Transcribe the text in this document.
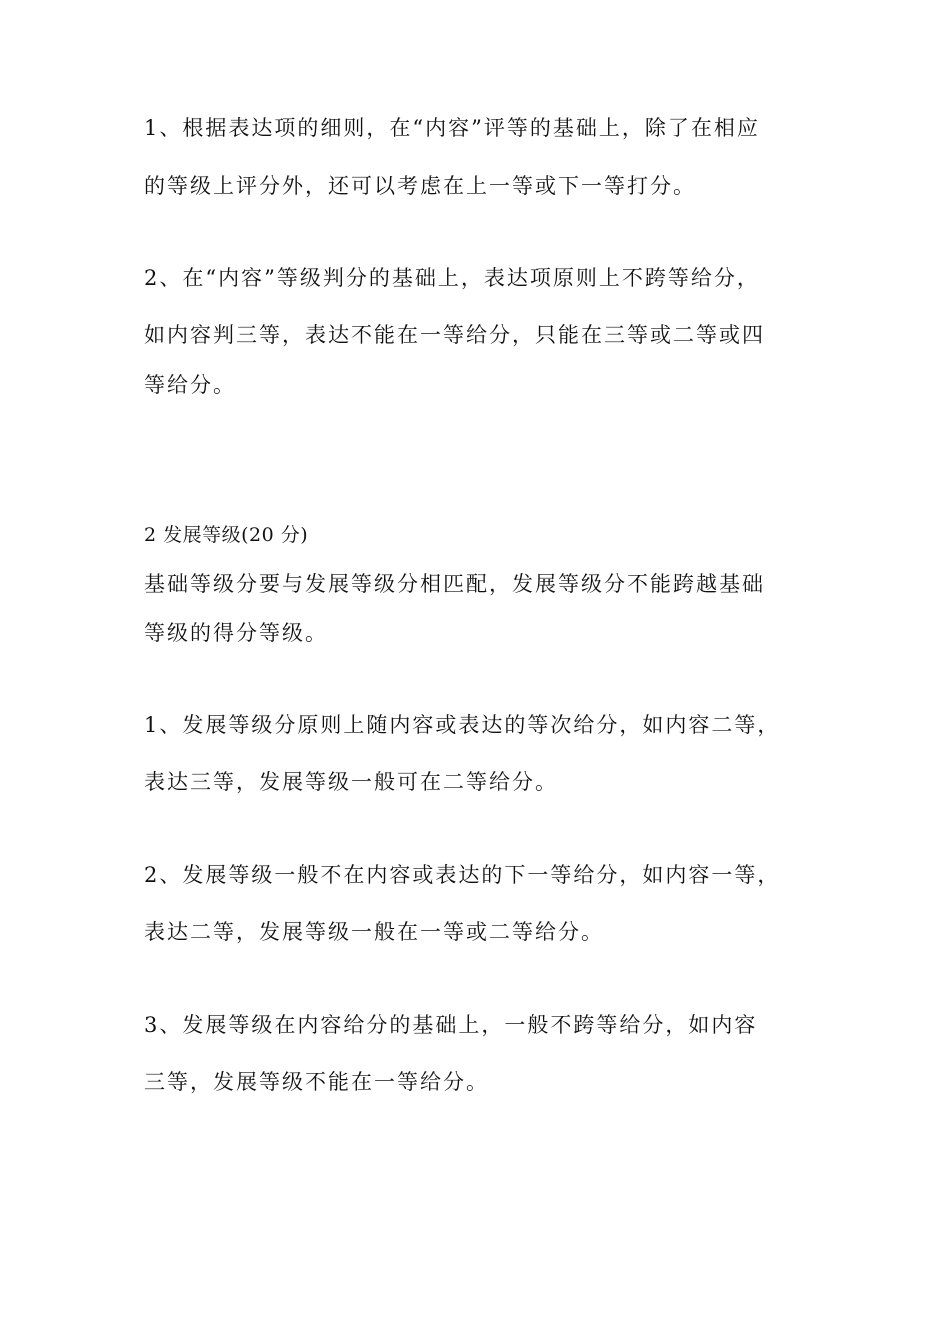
1、根据表达项的细则，在“内容”评等的基础上，除了在相应
的等级上评分外，还可以考虑在上一等或下一等打分。
2、在“内容”等级判分的基础上，表达项原则上不跨等给分，
如内容判三等，表达不能在一等给分，只能在三等或二等或四
等给分。
2 发展等级(20 分)
基础等级分要与发展等级分相匹配，发展等级分不能跨越基础
等级的得分等级。
1、发展等级分原则上随内容或表达的等次给分，如内容二等，
表达三等，发展等级一般可在二等给分。
2、发展等级一般不在内容或表达的下一等给分，如内容一等，
表达二等，发展等级一般在一等或二等给分。
3、发展等级在内容给分的基础上，一般不跨等给分，如内容
三等，发展等级不能在一等给分。
